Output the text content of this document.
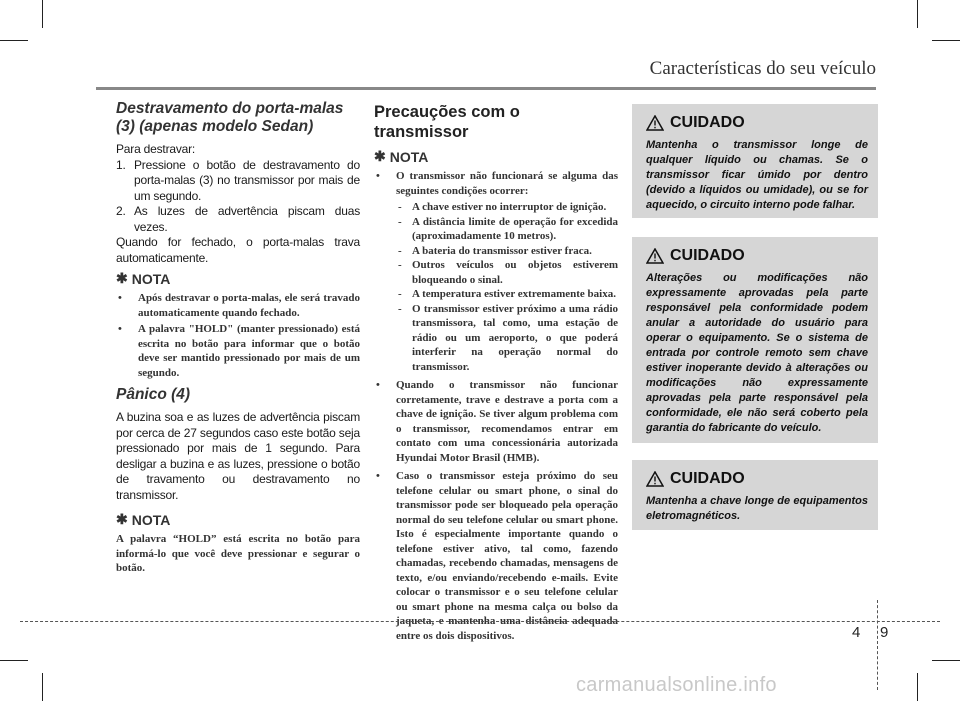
Características do seu veículo
Destravamento do porta-malas (3) (apenas modelo Sedan)

Para destravar:

1. Pressione o botão de destravamento do porta-malas (3) no transmissor por mais de um segundo.
2. As luzes de advertência piscam duas vezes.

Quando for fechado, o porta-malas trava automaticamente.

✱ NOTA
•	Após destravar o porta-malas, ele será travado automaticamente quando fechado.
•	A palavra "HOLD" (manter pressionado) está escrita no botão para informar que o botão deve ser mantido pressionado por mais de um segundo.
Pânico (4)

A buzina soa e as luzes de advertência piscam por cerca de 27 segundos caso este botão seja pressionado por mais de 1 segundo. Para desligar a buzina e as luzes, pressione o botão de travamento ou destravamento no transmissor.

✱ NOTA
A palavra “HOLD” está escrita no botão para informá-lo que você deve pressionar e segurar o botão.
Precauções com o transmissor
✱ NOTA
•	O transmissor não funcionará se alguma das seguintes condições ocorrer:
- A chave estiver no interruptor de ignição.
- A distância limite de operação for excedida (aproximadamente 10 metros).
- A bateria do transmissor estiver fraca.
- Outros veículos ou objetos estiverem bloqueando o sinal.
- A temperatura estiver extremamente baixa.
- O transmissor estiver próximo a uma rádio transmissora, tal como, uma estação de rádio ou um aeroporto, o que poderá interferir na operação normal do transmissor.
•	Quando o transmissor não funcionar corretamente, trave e destrave a porta com a chave de ignição. Se tiver algum problema com o transmissor, recomendamos entrar em contato com uma concessionária autorizada Hyundai Motor Brasil (HMB).
•	Caso o transmissor esteja próximo do seu telefone celular ou smart phone, o sinal do transmissor pode ser bloqueado pela operação normal do seu telefone celular ou smart phone. Isto é especialmente importante quando o telefone estiver ativo, tal como, fazendo chamadas, recebendo chamadas, mensagens de texto, e/ou enviando/recebendo e-mails. Evite colocar o transmissor e o seu telefone celular ou smart phone na mesma calça ou bolso da jaqueta, e mantenha uma distância adequada entre os dois dispositivos.
CUIDADO
Mantenha o transmissor longe de qualquer líquido ou chamas. Se o transmissor ficar úmido por dentro (devido a líquidos ou umidade), ou se for aquecido, o circuito interno pode falhar.
CUIDADO
Alterações ou modificações não expressamente aprovadas pela parte responsável pela conformidade podem anular a autoridade do usuário para operar o equipamento. Se o sistema de entrada por controle remoto sem chave estiver inoperante devido à alterações ou modificações não expressamente aprovadas pela parte responsável pela conformidade, ele não será coberto pela garantia do fabricante do veículo.
CUIDADO
Mantenha a chave longe de equipamentos eletromagnéticos.
4 9
carmanualsonline.info
